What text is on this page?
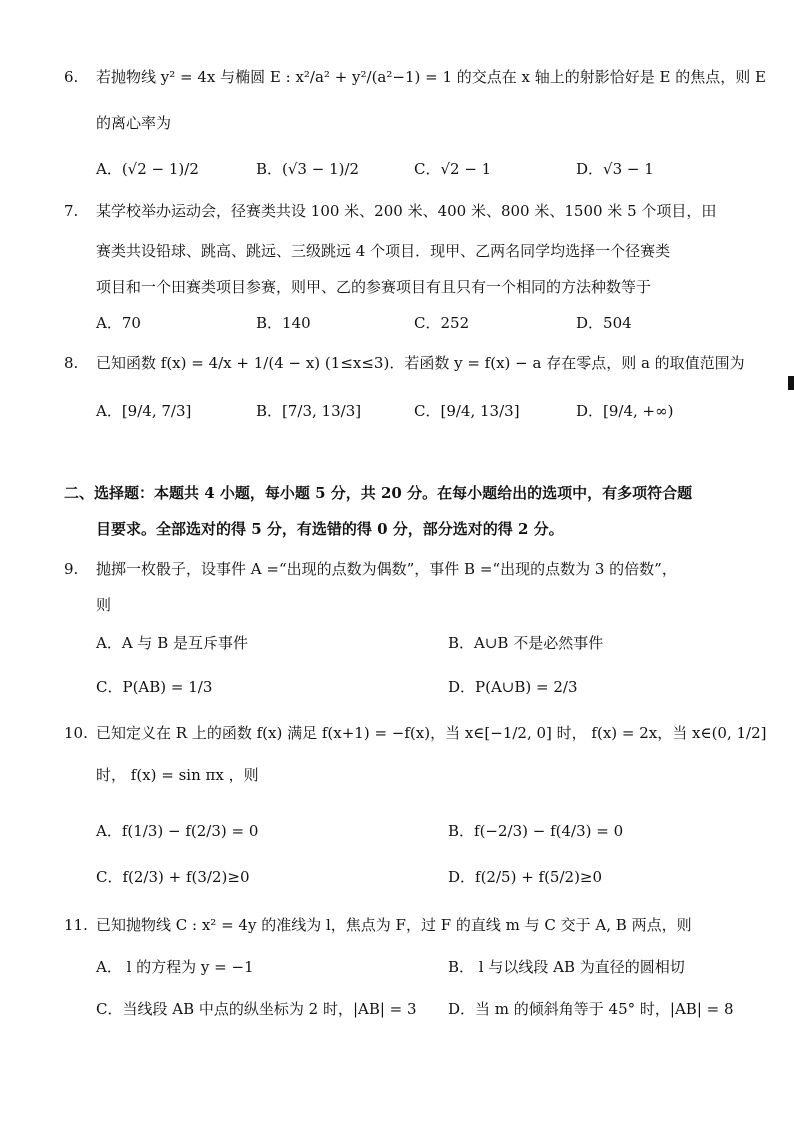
6. 若抛物线 y² = 4x 与椭圆 E : x²/a² + y²/(a²−1) = 1 的交点在 x 轴上的射影恰好是 E 的焦点，则 E
的离心率为
A．(√2 − 1)/2	B．(√3 − 1)/2	C．√2 − 1	D．√3 − 1
7. 某学校举办运动会，径赛类共设 100 米、200 米、400 米、800 米、1500 米 5 个项目，田
赛类共设铅球、跳高、跳远、三级跳远 4 个项目．现甲、乙两名同学均选择一个径赛类
项目和一个田赛类项目参赛，则甲、乙的参赛项目有且只有一个相同的方法种数等于
A．70	B．140	C．252	D．504
8. 已知函数 f(x) = 4/x + 1/(4 − x) (1≤x≤3)．若函数 y = f(x) − a 存在零点，则 a 的取值范围为
A．[9/4, 7/3]	B．[7/3, 13/3]	C．[9/4, 13/3]	D．[9/4, +∞)
二、选择题：本题共 4 小题，每小题 5 分，共 20 分。在每小题给出的选项中，有多项符合题
目要求。全部选对的得 5 分，有选错的得 0 分，部分选对的得 2 分。
9. 抛掷一枚骰子，设事件 A =“出现的点数为偶数”，事件 B =“出现的点数为 3 的倍数”，
则
A．A 与 B 是互斥事件	B．A∪B 不是必然事件
C．P(AB) = 1/3	D．P(A∪B) = 2/3
10. 已知定义在 R 上的函数 f(x) 满足 f(x+1) = −f(x)，当 x∈[−1/2, 0] 时， f(x) = 2x，当 x∈(0, 1/2]
时， f(x) = sin πx ，则
A．f(1/3) − f(2/3) = 0	B．f(−2/3) − f(4/3) = 0
C．f(2/3) + f(3/2)≥0	D．f(2/5) + f(5/2)≥0
11. 已知抛物线 C : x² = 4y 的准线为 l，焦点为 F，过 F 的直线 m 与 C 交于 A, B 两点，则
A． l 的方程为 y = −1	B． l 与以线段 AB 为直径的圆相切
C．当线段 AB 中点的纵坐标为 2 时，|AB| = 3 D．当 m 的倾斜角等于 45° 时，|AB| = 8
